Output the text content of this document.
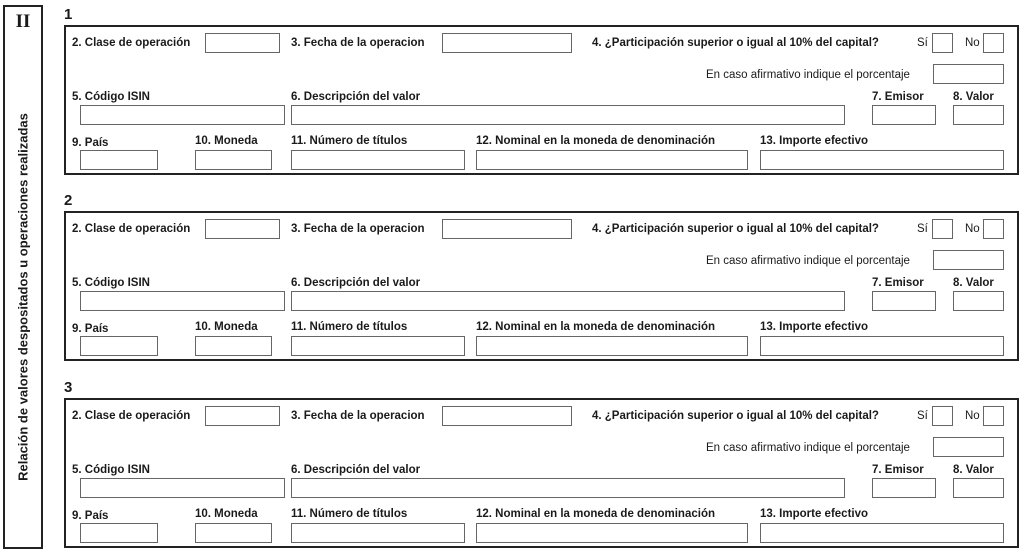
II
Relación de valores despositados u operaciones realizadas
1
2. Clase de operación	3. Fecha de la operacion	4. ¿Participación superior o igual al 10% del capital?	Sí	No
En caso afirmativo indique el porcentaje
5. Código ISIN	6. Descripción del valor	7. Emisor	8. Valor
9. País	10. Moneda	11. Número de títulos	12. Nominal en la moneda de denominación	13. Importe efectivo
2
2. Clase de operación	3. Fecha de la operacion	4. ¿Participación superior o igual al 10% del capital?	Sí	No
En caso afirmativo indique el porcentaje
5. Código ISIN	6. Descripción del valor	7. Emisor	8. Valor
9. País	10. Moneda	11. Número de títulos	12. Nominal en la moneda de denominación	13. Importe efectivo
3
2. Clase de operación	3. Fecha de la operacion	4. ¿Participación superior o igual al 10% del capital?	Sí	No
En caso afirmativo indique el porcentaje
5. Código ISIN	6. Descripción del valor	7. Emisor	8. Valor
9. País	10. Moneda	11. Número de títulos	12. Nominal en la moneda de denominación	13. Importe efectivo
